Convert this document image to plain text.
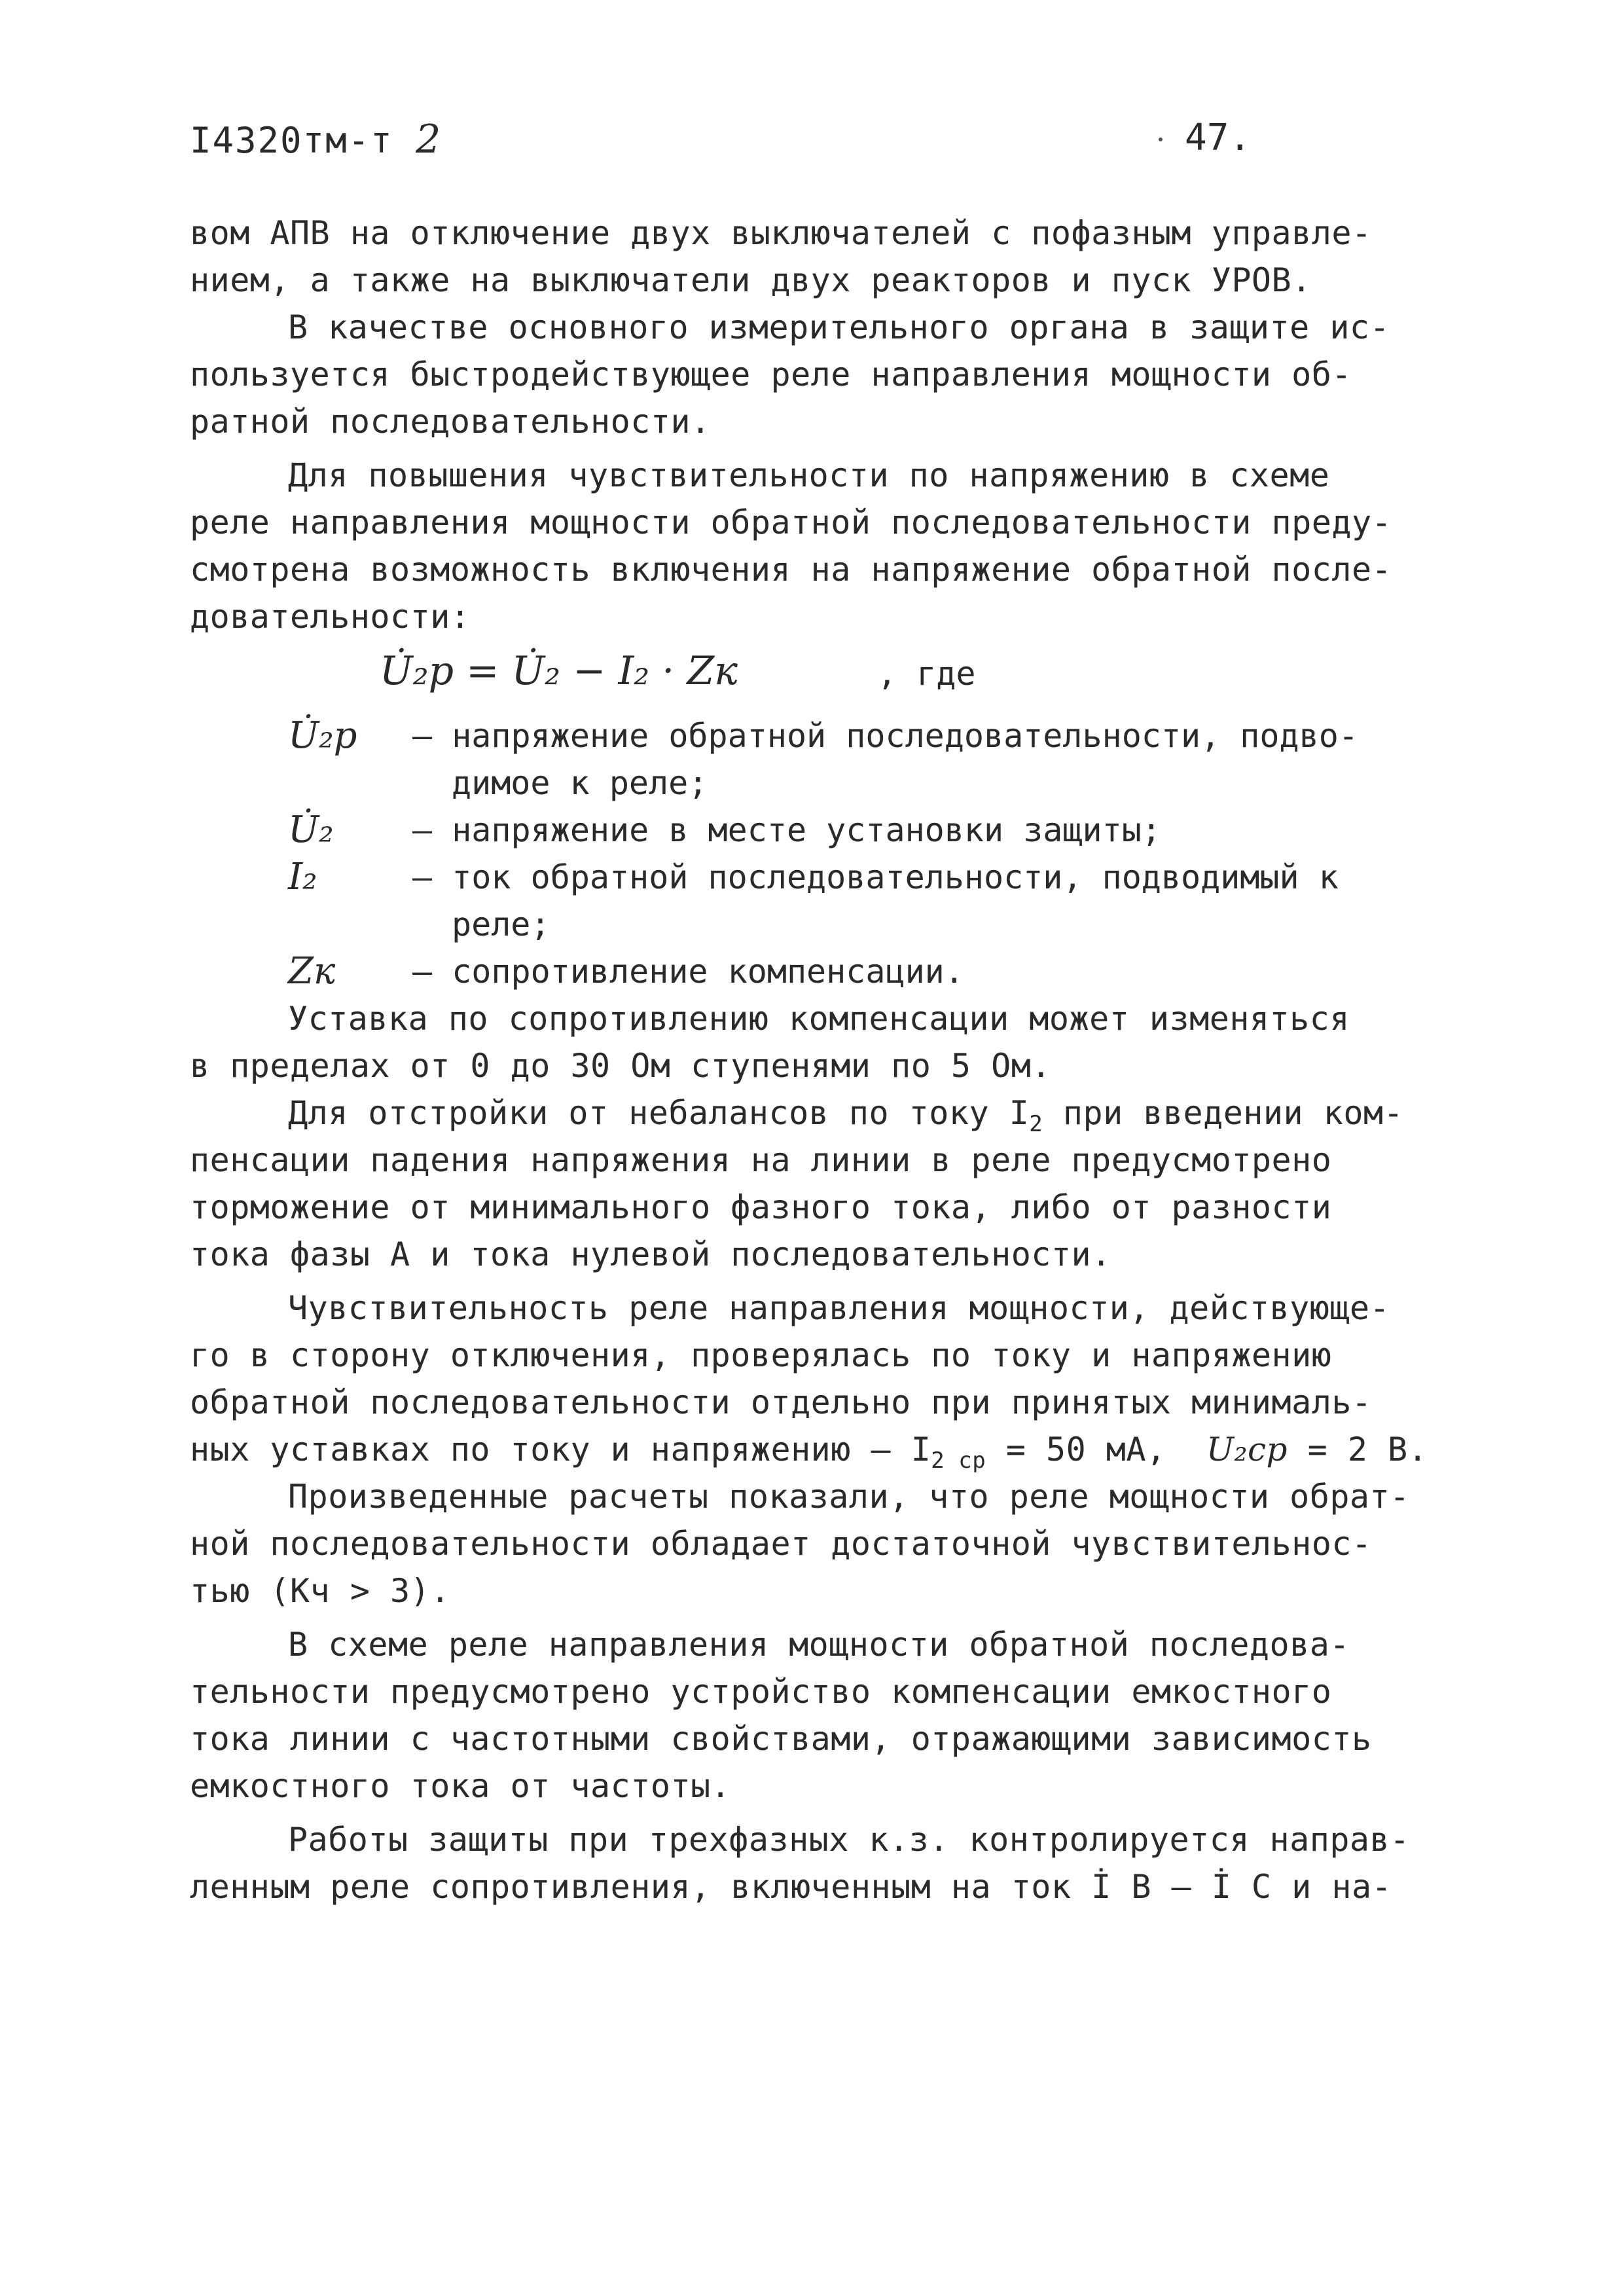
I4320тм-т 2	47.
вом АПВ на отключение двух выключателей с пофазным управле-
нием, а также на выключатели двух реакторов и пуск УРОВ.
В качестве основного измерительного органа в защите ис-
пользуется быстродействующее реле направления мощности об-
ратной последовательности.
Для повышения чувствительности по напряжению в схеме
реле направления мощности обратной последовательности преду-
смотрена возможность включения на напряжение обратной после-
довательности:
U̇₂р = U̇₂ − I₂ · Zк	, где
U̇₂р – напряжение обратной последовательности, подво-
димое к реле;
U̇₂ – напряжение в месте установки защиты;
I₂	– ток обратной последовательности, подводимый к
реле;
Zк – сопротивление компенсации.
Уставка по сопротивлению компенсации может изменяться
в пределах от 0 до 30 Ом ступенями по 5 Ом.
Для отстройки от небалансов по току $I_2$ при введении ком-
пенсации падения напряжения на линии в реле предусмотрено
торможение от минимального фазного тока, либо от разности
тока фазы А и тока нулевой последовательности.
Чувствительность реле направления мощности, действующе-
го в сторону отключения, проверялась по току и напряжению
обратной последовательности отдельно при принятых минималь-
ных уставках по току и напряжению – $I_{2 ср} = 50$ мА,  U₂ср = 2 В.
Произведенные расчеты показали, что реле мощности обрат-
ной последовательности обладает достаточной чувствительнос-
тью (Кч > 3).
В схеме реле направления мощности обратной последова-
тельности предусмотрено устройство компенсации емкостного
тока линии с частотными свойствами, отражающими зависимость
емкостного тока от частоты.
Работы защиты при трехфазных к.з. контролируется направ-
ленным реле сопротивления, включенным на ток İ В – İ С и на-
